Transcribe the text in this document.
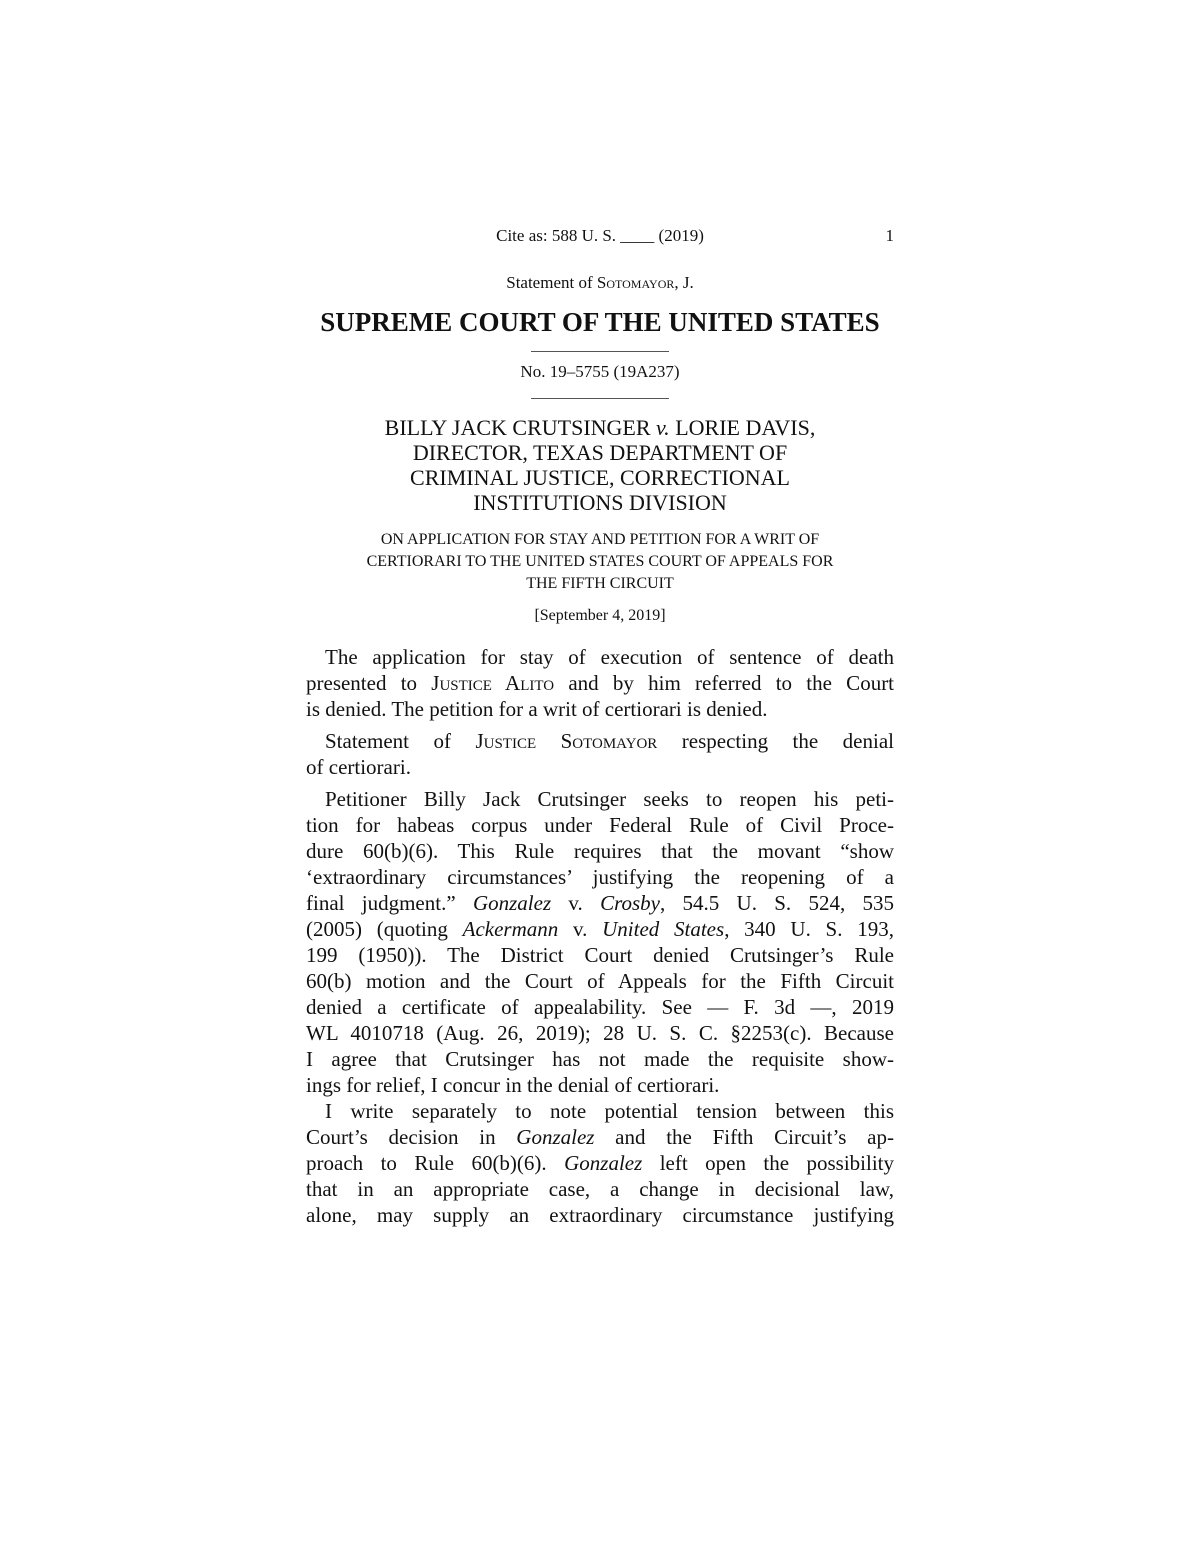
Cite as: 588 U. S. ____ (2019)	1
Statement of Sotomayor, J.
SUPREME COURT OF THE UNITED STATES
No. 19–5755 (19A237)
BILLY JACK CRUTSINGER v. LORIE DAVIS,
DIRECTOR, TEXAS DEPARTMENT OF
CRIMINAL JUSTICE, CORRECTIONAL
INSTITUTIONS DIVISION
ON APPLICATION FOR STAY AND PETITION FOR A WRIT OF
CERTIORARI TO THE UNITED STATES COURT OF APPEALS FOR
THE FIFTH CIRCUIT
[September 4, 2019]

The application for stay of execution of sentence of death
presented to Justice Alito and by him referred to the Court
is denied. The petition for a writ of certiorari is denied.

Statement of Justice Sotomayor respecting the denial
of certiorari.

Petitioner Billy Jack Crutsinger seeks to reopen his peti-
tion for habeas corpus under Federal Rule of Civil Proce-
dure 60(b)(6). This Rule requires that the movant “show
‘extraordinary circumstances’ justifying the reopening of a
final judgment.” Gonzalez v. Crosby, 54.5 U. S. 524, 535
(2005) (quoting Ackermann v. United States, 340 U. S. 193,
199 (1950)). The District Court denied Crutsinger’s Rule
60(b) motion and the Court of Appeals for the Fifth Circuit
denied a certificate of appealability. See — F. 3d —, 2019
WL 4010718 (Aug. 26, 2019); 28 U. S. C. §2253(c). Because
I agree that Crutsinger has not made the requisite show-
ings for relief, I concur in the denial of certiorari.

I write separately to note potential tension between this
Court’s decision in Gonzalez and the Fifth Circuit’s ap-
proach to Rule 60(b)(6). Gonzalez left open the possibility
that in an appropriate case, a change in decisional law,
alone, may supply an extraordinary circumstance justifying
